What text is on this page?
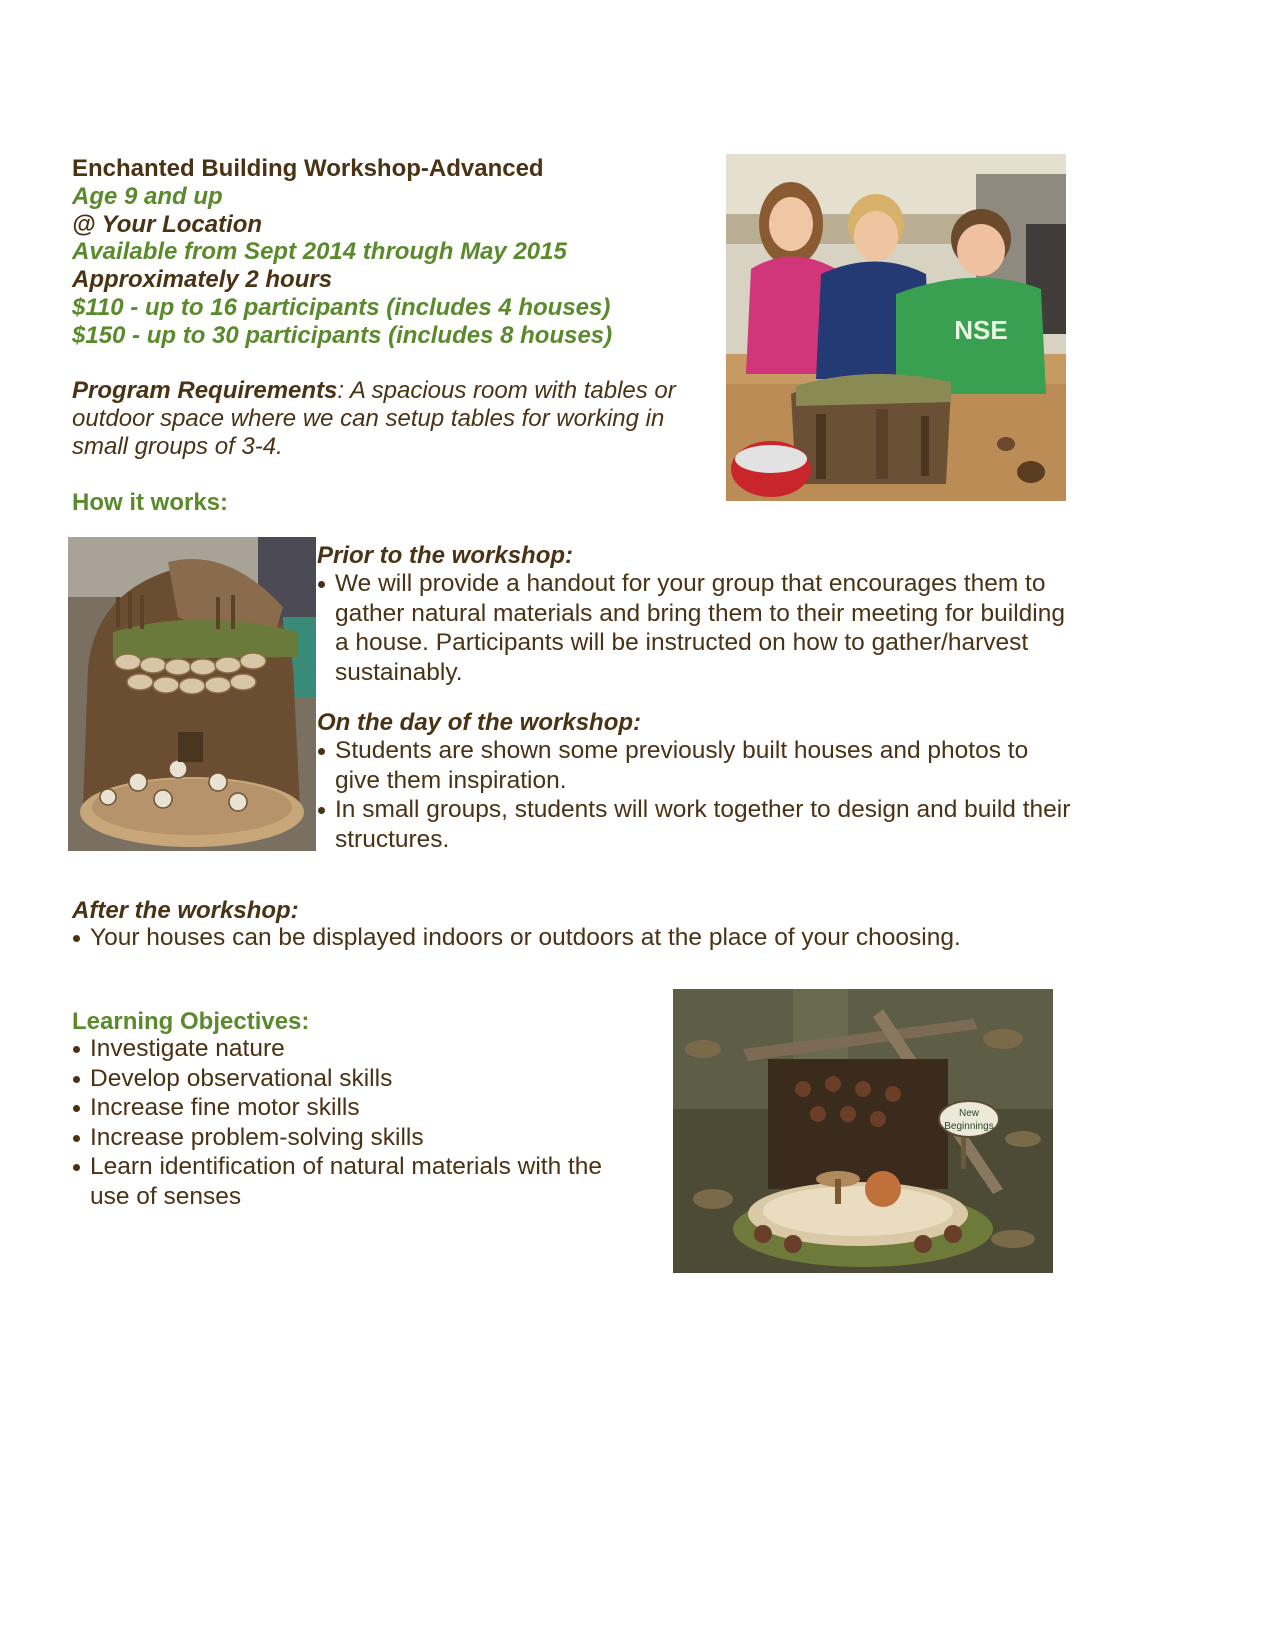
Enchanted Building Workshop-Advanced
Age 9 and up
@ Your Location
Available from Sept 2014 through May 2015
Approximately 2 hours
$110 - up to 16 participants (includes 4 houses)
$150 - up to 30 participants (includes 8 houses)
Program Requirements: A spacious room with tables or
outdoor space where we can setup tables for working in
small groups of 3-4.
How it works:
Prior to the workshop:
We will provide a handout for your group that encourages them to gather natural materials and bring them to their meeting for building a house. Participants will be instructed on how to gather/harvest sustainably.
On the day of the workshop:
Students are shown some previously built houses and photos to give them inspiration.
In small groups, students will work together to design and build their structures.
After the workshop:
Your houses can be displayed indoors or outdoors at the place of your choosing.
Learning Objectives:
Investigate nature
Develop observational skills
Increase fine motor skills
Increase problem-solving skills
Learn identification of natural materials with the use of senses
NSE
New
Beginnings
